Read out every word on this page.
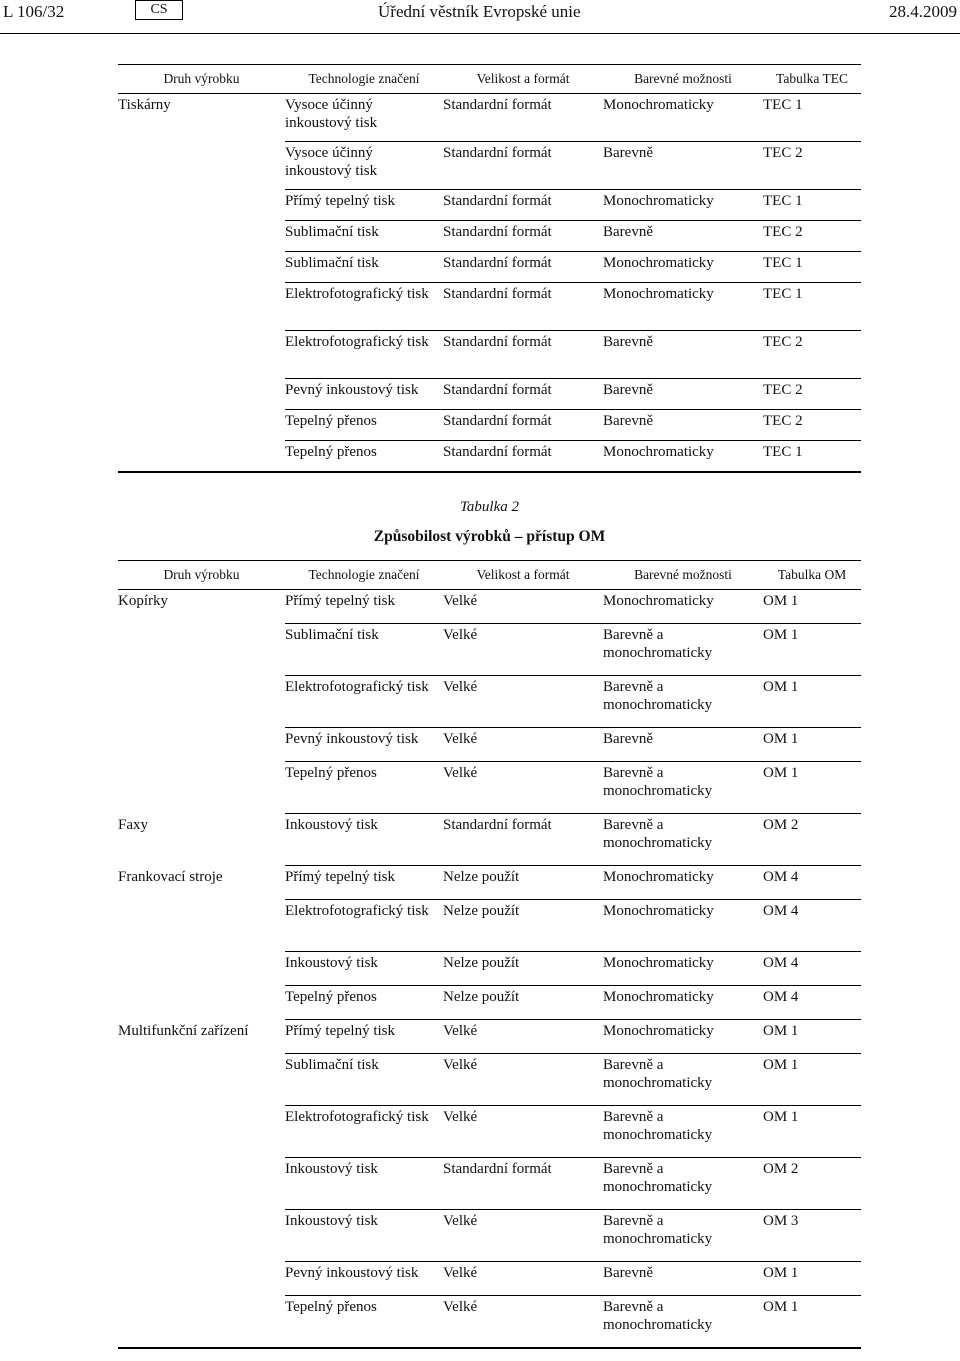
L 106/32	CS	Úřední věstník Evropské unie	28.4.2009
Druh výrobku	Technologie značení	Velikost a formát	Barevné možnosti	Tabulka TEC
Tiskárny	Vysoce účinný inkoustový tisk	Standardní formát	Monochromaticky	TEC 1
	Vysoce účinný inkoustový tisk	Standardní formát	Barevně	TEC 2
	Přímý tepelný tisk	Standardní formát	Monochromaticky	TEC 1
	Sublimační tisk	Standardní formát	Barevně	TEC 2
	Sublimační tisk	Standardní formát	Monochromaticky	TEC 1
	Elektrofotografický tisk	Standardní formát	Monochromaticky	TEC 1
	Elektrofotografický tisk	Standardní formát	Barevně	TEC 2
	Pevný inkoustový tisk	Standardní formát	Barevně	TEC 2
	Tepelný přenos	Standardní formát	Barevně	TEC 2
	Tepelný přenos	Standardní formát	Monochromaticky	TEC 1
Tabulka 2
Způsobilost výrobků – přístup OM
Druh výrobku	Technologie značení	Velikost a formát	Barevné možnosti	Tabulka OM
Kopírky	Přímý tepelný tisk	Velké	Monochromaticky	OM 1
	Sublimační tisk	Velké	Barevně a monochromaticky	OM 1
	Elektrofotografický tisk	Velké	Barevně a monochromaticky	OM 1
	Pevný inkoustový tisk	Velké	Barevně	OM 1
	Tepelný přenos	Velké	Barevně a monochromaticky	OM 1
Faxy	Inkoustový tisk	Standardní formát	Barevně a monochromaticky	OM 2
Frankovací stroje	Přímý tepelný tisk	Nelze použít	Monochromaticky	OM 4
	Elektrofotografický tisk	Nelze použít	Monochromaticky	OM 4
	Inkoustový tisk	Nelze použít	Monochromaticky	OM 4
	Tepelný přenos	Nelze použít	Monochromaticky	OM 4
Multifunkční zařízení	Přímý tepelný tisk	Velké	Monochromaticky	OM 1
	Sublimační tisk	Velké	Barevně a monochromaticky	OM 1
	Elektrofotografický tisk	Velké	Barevně a monochromaticky	OM 1
	Inkoustový tisk	Standardní formát	Barevně a monochromaticky	OM 2
	Inkoustový tisk	Velké	Barevně a monochromaticky	OM 3
	Pevný inkoustový tisk	Velké	Barevně	OM 1
	Tepelný přenos	Velké	Barevně a monochromaticky	OM 1
